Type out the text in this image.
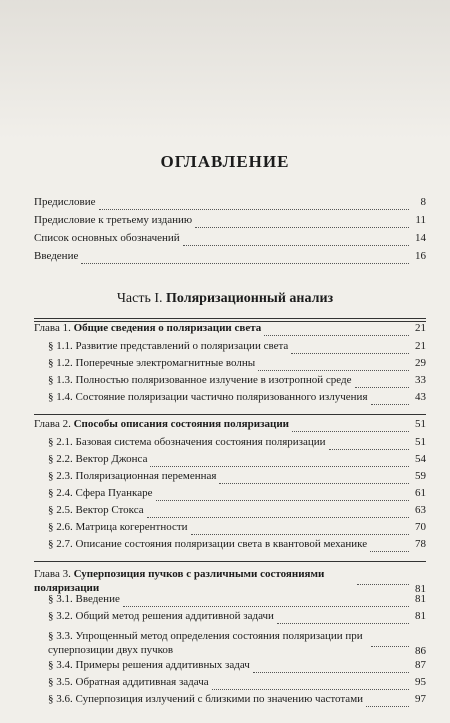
ОГЛАВЛЕНИЕ
Предисловие	8
Предисловие к третьему изданию	11
Список основных обозначений	14
Введение	16
Часть I. Поляризационный анализ
Глава 1. Общие сведения о поляризации света	21
§ 1.1. Развитие представлений о поляризации света	21
§ 1.2. Поперечные электромагнитные волны	29
§ 1.3. Полностью поляризованное излучение в изотропной среде	33
§ 1.4. Состояние поляризации частично поляризованного излучения	43
Глава 2. Способы описания состояния поляризации	51
§ 2.1. Базовая система обозначения состояния поляризации	51
§ 2.2. Вектор Джонса	54
§ 2.3. Поляризационная переменная	59
§ 2.4. Сфера Пуанкаре	61
§ 2.5. Вектор Стокса	63
§ 2.6. Матрица когерентности	70
§ 2.7. Описание состояния поляризации света в квантовой механике	78
Глава 3. Суперпозиция пучков с различными состояниями поляризации	81
§ 3.1. Введение	81
§ 3.2. Общий метод решения аддитивной задачи	81
§ 3.3. Упрощенный метод определения состояния поляризации при суперпозиции двух пучков	86
§ 3.4. Примеры решения аддитивных задач	87
§ 3.5. Обратная аддитивная задача	95
§ 3.6. Суперпозиция излучений с близкими по значению частотами	97
